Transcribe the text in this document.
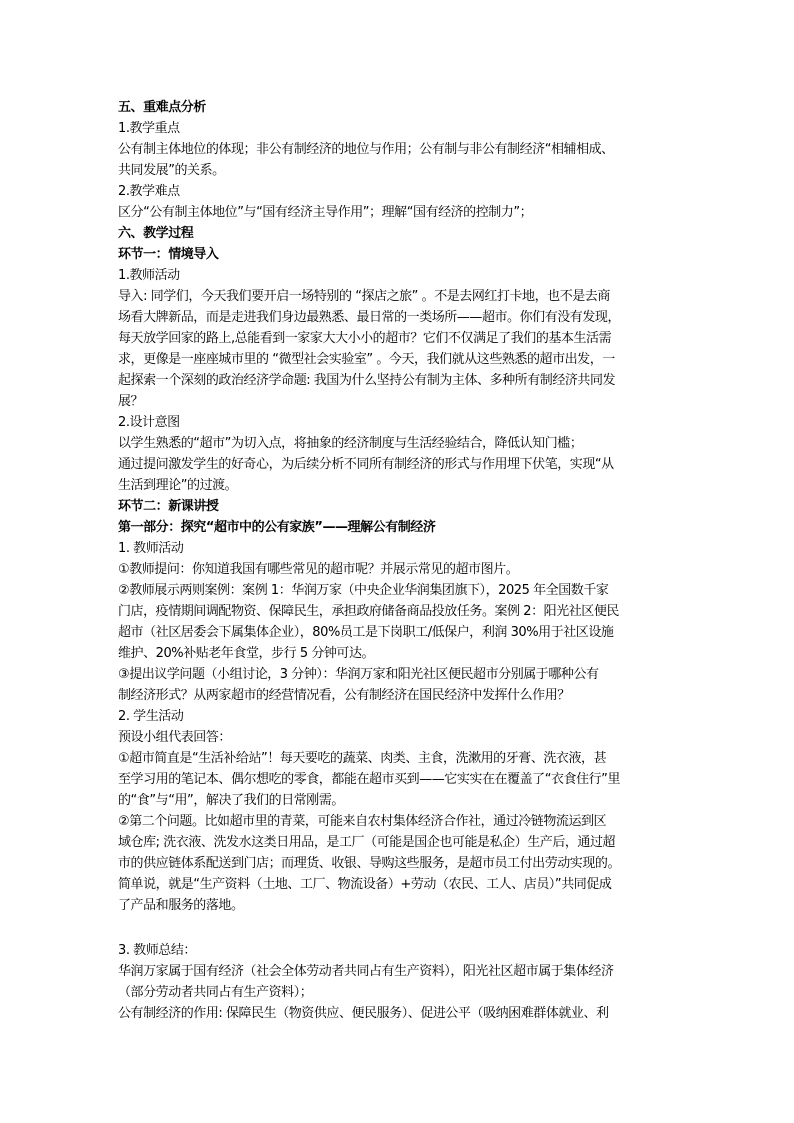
五、重难点分析
1.教学重点
公有制主体地位的体现；非公有制经济的地位与作用；公有制与非公有制经济“相辅相成、
共同发展”的关系。
2.教学难点
区分“公有制主体地位”与“国有经济主导作用”；理解“国有经济的控制力”；
六、教学过程
环节一：情境导入
1.教师活动
导入: 同学们，今天我们要开启一场特别的 “探店之旅” 。不是去网红打卡地，也不是去商
场看大牌新品，而是走进我们身边最熟悉、最日常的一类场所——超市。你们有没有发现，
每天放学回家的路上,总能看到一家家大大小小的超市？它们不仅满足了我们的基本生活需
求，更像是一座座城市里的 “微型社会实验室” 。今天，我们就从这些熟悉的超市出发，一
起探索一个深刻的政治经济学命题: 我国为什么坚持公有制为主体、多种所有制经济共同发
展？
2.设计意图
以学生熟悉的“超市”为切入点，将抽象的经济制度与生活经验结合，降低认知门槛；
通过提问激发学生的好奇心，为后续分析不同所有制经济的形式与作用埋下伏笔，实现“从
生活到理论”的过渡。
环节二：新课讲授
第一部分：探究“超市中的公有家族”——理解公有制经济
1. 教师活动
①教师提问：你知道我国有哪些常见的超市呢？并展示常见的超市图片。
②教师展示两则案例：案例 1：华润万家（中央企业华润集团旗下），2025 年全国数千家
门店，疫情期间调配物资、保障民生，承担政府储备商品投放任务。案例 2：阳光社区便民
超市（社区居委会下属集体企业），80%员工是下岗职工/低保户，利润 30%用于社区设施
维护、20%补贴老年食堂，步行 5 分钟可达。
③提出议学问题（小组讨论，3 分钟）：华润万家和阳光社区便民超市分别属于哪种公有
制经济形式？从两家超市的经营情况看，公有制经济在国民经济中发挥什么作用？
2. 学生活动
预设小组代表回答：
①超市简直是“生活补给站”！每天要吃的蔬菜、肉类、主食，洗漱用的牙膏、洗衣液，甚
至学习用的笔记本、偶尔想吃的零食，都能在超市买到——它实实在在覆盖了“衣食住行”里
的“食”与“用”，解决了我们的日常刚需。
②第二个问题。比如超市里的青菜，可能来自农村集体经济合作社，通过冷链物流运到区
域仓库; 洗衣液、洗发水这类日用品，是工厂（可能是国企也可能是私企）生产后，通过超
市的供应链体系配送到门店；而理货、收银、导购这些服务，是超市员工付出劳动实现的。
简单说，就是“生产资料（土地、工厂、物流设备）+劳动（农民、工人、店员）”共同促成
了产品和服务的落地。
3. 教师总结：
华润万家属于国有经济（社会全体劳动者共同占有生产资料），阳光社区超市属于集体经济
（部分劳动者共同占有生产资料）；
公有制经济的作用: 保障民生（物资供应、便民服务）、促进公平（吸纳困难群体就业、利
